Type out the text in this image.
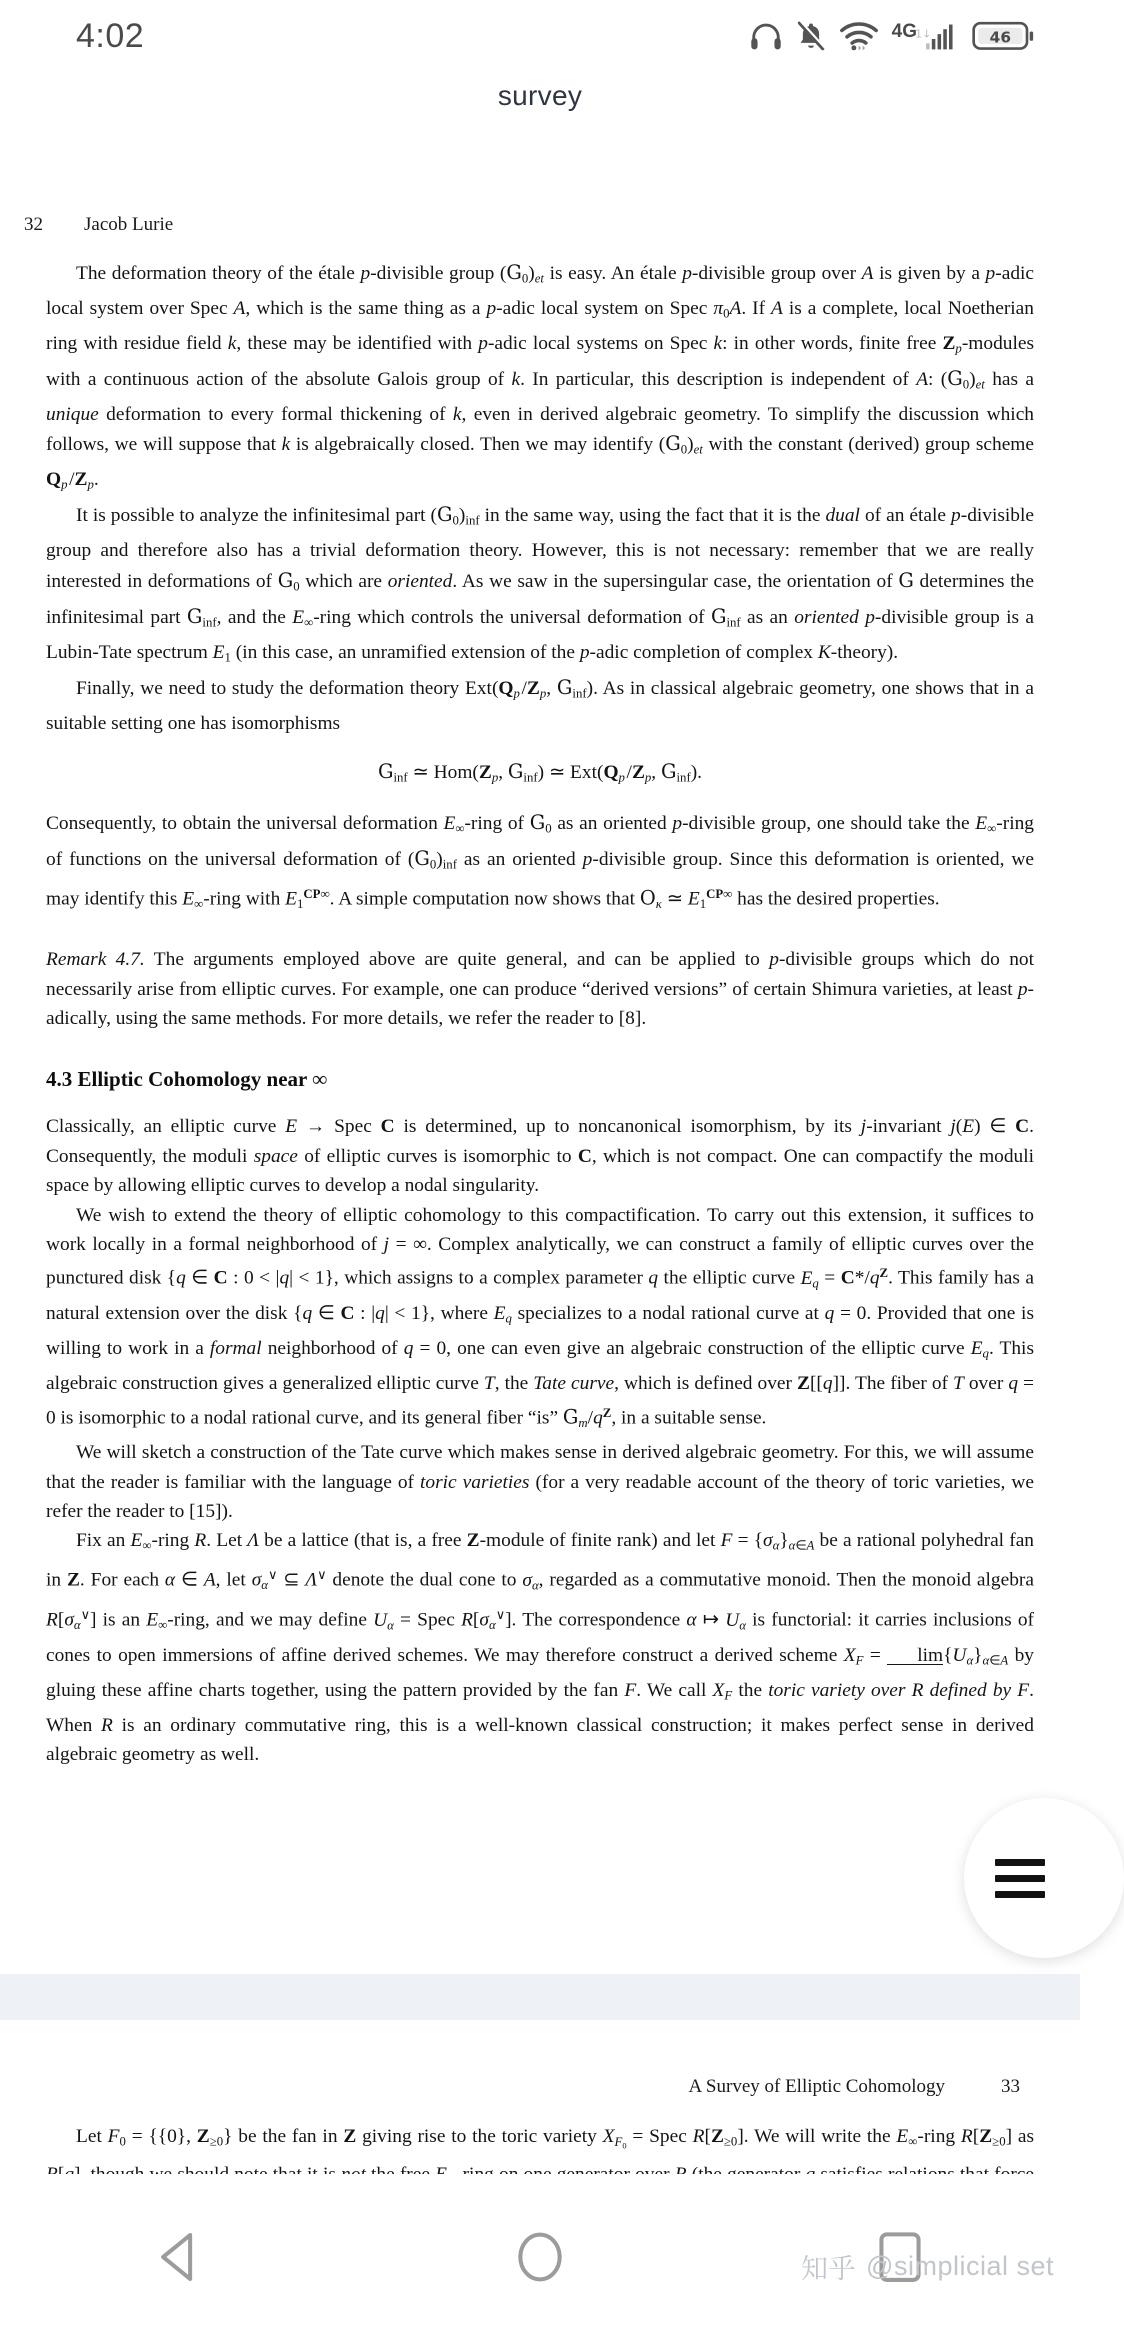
4:02	4G
1↓	46
survey
32	Jacob Lurie

The deformation theory of the étale p-divisible group $(G_0)_{et}$ is easy. An étale p-divisible group over A is given by a p-adic local system over Spec A, which is the same thing as a p-adic local system on Spec $\pi_0A$. If A is a complete, local Noetherian ring with residue field k, these may be identified with p-adic local systems on Spec k: in other words, finite free $Z_p$-modules with a continuous action of the absolute Galois group of k. In particular, this description is independent of A: $(G_0)_{et}$ has a unique deformation to every formal thickening of k, even in derived algebraic geometry. To simplify the discussion which follows, we will suppose that k is algebraically closed. Then we may identify $(G_0)_{et}$ with the constant (derived) group scheme $Q_p$ $/Z_p$.

It is possible to analyze the infinitesimal part $(G_0)_{inf}$ in the same way, using the fact that it is the dual of an étale p-divisible group and therefore also has a trivial deformation theory. However, this is not necessary: remember that we are really interested in deformations of $G_0$ which are oriented. As we saw in the supersingular case, the orientation of G determines the infinitesimal part $G_{inf}$, and the $E_\infty$-ring which controls the universal deformation of $G_{inf}$ as an oriented p-divisible group is a Lubin-Tate spectrum $E_1$ (in this case, an unramified extension of the p-adic completion of complex K-theory).

Finally, we need to study the deformation theory $Ext(Q_p$ $/Z_p$, $G_{inf}$). As in classical algebraic geometry, one shows that in a suitable setting one has isomorphisms

$G_{inf}$ ≃ $Hom(Z_p$, $G_{inf}$) ≃ $Ext(Q_p$ $/Z_p$, $G_{inf}$).

Consequently, to obtain the universal deformation $E_\infty$-ring of $G_0$ as an oriented p-divisible group, one should take the $E_\infty$-ring of functions on the universal deformation of $(G_0)_{inf}$ as an oriented p-divisible group. Since this deformation is oriented, we may identify this $E_\infty$-ring with $E_1^{CP\infty}$. A simple computation now shows that $O_\kappa$ ≃ $E_1^{CP\infty}$ has the desired properties.

Remark 4.7. The arguments employed above are quite general, and can be applied to p-divisible groups which do not necessarily arise from elliptic curves. For example, one can produce “derived versions” of certain Shimura varieties, at least p-adically, using the same methods. For more details, we refer the reader to [8].

4.3 Elliptic Cohomology near ∞

Classically, an elliptic curve E → Spec C is determined, up to noncanonical isomorphism, by its j-invariant j(E) ∈ C. Consequently, the moduli space of elliptic curves is isomorphic to C, which is not compact. One can compactify the moduli space by allowing elliptic curves to develop a nodal singularity.

We wish to extend the theory of elliptic cohomology to this compactification. To carry out this extension, it suffices to work locally in a formal neighborhood of j = ∞. Complex analytically, we can construct a family of elliptic curves over the punctured disk {q ∈ C : 0 < |q| < 1}, which assigns to a complex parameter q the elliptic curve $E_q = C*/q^Z$. This family has a natural extension over the disk {q ∈ C : |q| < 1}, where $E_q$ specializes to a nodal rational curve at q = 0. Provided that one is willing to work in a formal neighborhood of q = 0, one can even give an algebraic construction of the elliptic curve $E_q$. This algebraic construction gives a generalized elliptic curve T, the Tate curve, which is defined over Z[[q]]. The fiber of T over q = 0 is isomorphic to a nodal rational curve, and its general fiber “is” $G_m/q^Z$, in a suitable sense.

We will sketch a construction of the Tate curve which makes sense in derived algebraic geometry. For this, we will assume that the reader is familiar with the language of toric varieties (for a very readable account of the theory of toric varieties, we refer the reader to [15]).

Fix an $E_\infty$-ring R. Let Λ be a lattice (that is, a free Z-module of finite rank) and let $F = \{\sigma_\alpha\}_{\alpha\in A}$ be a rational polyhedral fan in Z. For each α ∈ A, let $\sigma_\alpha^\vee$ ⊆ Λ∨ denote the dual cone to $\sigma_\alpha$, regarded as a commutative monoid. Then the monoid algebra $R[\sigma_\alpha^\vee]$ is an $E_\infty$-ring, and we may define $U_\alpha$ = Spec $R[\sigma_\alpha^\vee]$. The correspondence α ↦ $U_\alpha$ is functorial: it carries inclusions of cones to open immersions of affine derived schemes. We may therefore construct a derived scheme $X_F = \lim\{U_\alpha\}_{\alpha\in A}$ by gluing these affine charts together, using the pattern provided by the fan F. We call $X_F$ the toric variety over R defined by F. When R is an ordinary commutative ring, this is a well-known classical construction; it makes perfect sense in derived algebraic geometry as well.

A Survey of Elliptic Cohomology	33

Let $F_0 = \{\{0\}$, $Z_{\ge 0}$} be the fan in Z giving rise to the toric variety $X_{F_0}$ = Spec $R[Z_{\ge 0}]$. We will write the $E_\infty$-ring $R[Z_{\ge 0}]$ as

知乎 @simplicial set
